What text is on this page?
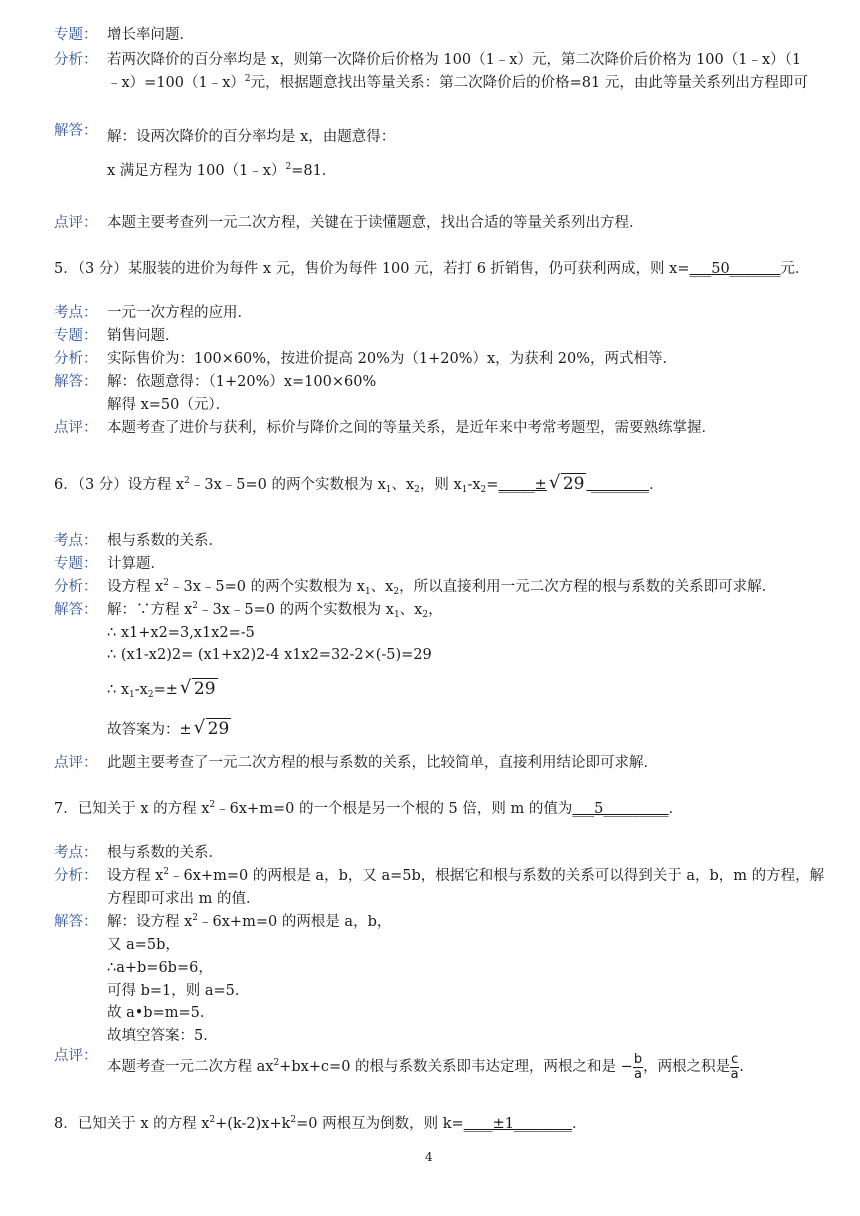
专题： 增长率问题．
分析： 若两次降价的百分率均是 x，则第一次降价后价格为 100（1﹣x）元，第二次降价后价格为 100（1﹣x）（1
﹣x）=100（1﹣x）$^2$元，根据题意找出等量关系：第二次降价后的价格=81 元，由此等量关系列出方程即可
解答： 解：设两次降价的百分率均是 x，由题意得：
x 满足方程为 100（1﹣x）$^2$=81．
点评： 本题主要考查列一元二次方程，关键在于读懂题意，找出合适的等量关系列出方程．
5．（3 分）某服装的进价为每件 x 元，售价为每件 100 元，若打 6 折销售，仍可获利两成，则 x=___50_______元．
考点： 一元一次方程的应用．
专题： 销售问题．
分析： 实际售价为：100×60%，按进价提高 20%为（1+20%）x，为获利 20%，两式相等．
解答： 解：依题意得：（1+20%）x=100×60%
解得 x=50（元）．
点评： 本题考查了进价与获利，标价与降价之间的等量关系，是近年来中考常考题型，需要熟练掌握．
6．（3 分）设方程 $x^2﹣3x﹣5=0$ 的两个实数根为 $x_1$、$x_2$，则 $x_1-x_2=\_\_\_\_\_\pm$ √ 29 ________．
考点： 根与系数的关系．
专题： 计算题．
分析： 设方程 $x^2﹣3x﹣5=0$ 的两个实数根为 $x_1$、$x_2$，所以直接利用一元二次方程的根与系数的关系即可求解．
解答： 解：∵方程 $x^2﹣3x﹣5=0$ 的两个实数根为 $x_1$、$x_2$，
∴ x1+x2=3,x1x2=-5
∴ (x1-x2)2= (x1+x2)2-4 x1x2=32-2×(-5)=29
∴ $x_1-x_2=\pm$ √ 29
故答案为：± √ 29
点评： 此题主要考查了一元二次方程的根与系数的关系，比较简单，直接利用结论即可求解．
7．已知关于 x 的方程 $x^2﹣6x+m=0$ 的一个根是另一个根的 5 倍，则 m 的值为___5_________．
考点： 根与系数的关系．
分析： 设方程 $x^2﹣6x+m=0$ 的两根是 a，b，又 a=5b，根据它和根与系数的关系可以得到关于 a，b，m 的方程，解
方程即可求出 m 的值．
解答： 解：设方程 $x^2﹣6x+m=0$ 的两根是 a，b，
又 a=5b，
∴a+b=6b=6，
可得 b=1，则 a=5．
故 a•b=m=5．
故填空答案：5．
点评：
本题考查一元二次方程 $ax^2+bx+c=0$ 的根与系数关系即韦达定理，两根之和是 − $\frac{b}{a}$ ，两根之积是 $\frac{c}{a}$ .
8．已知关于 x 的方程 $x^2+(k-2)x+k^2=0$ 两根互为倒数，则 k=____±1________．
4
